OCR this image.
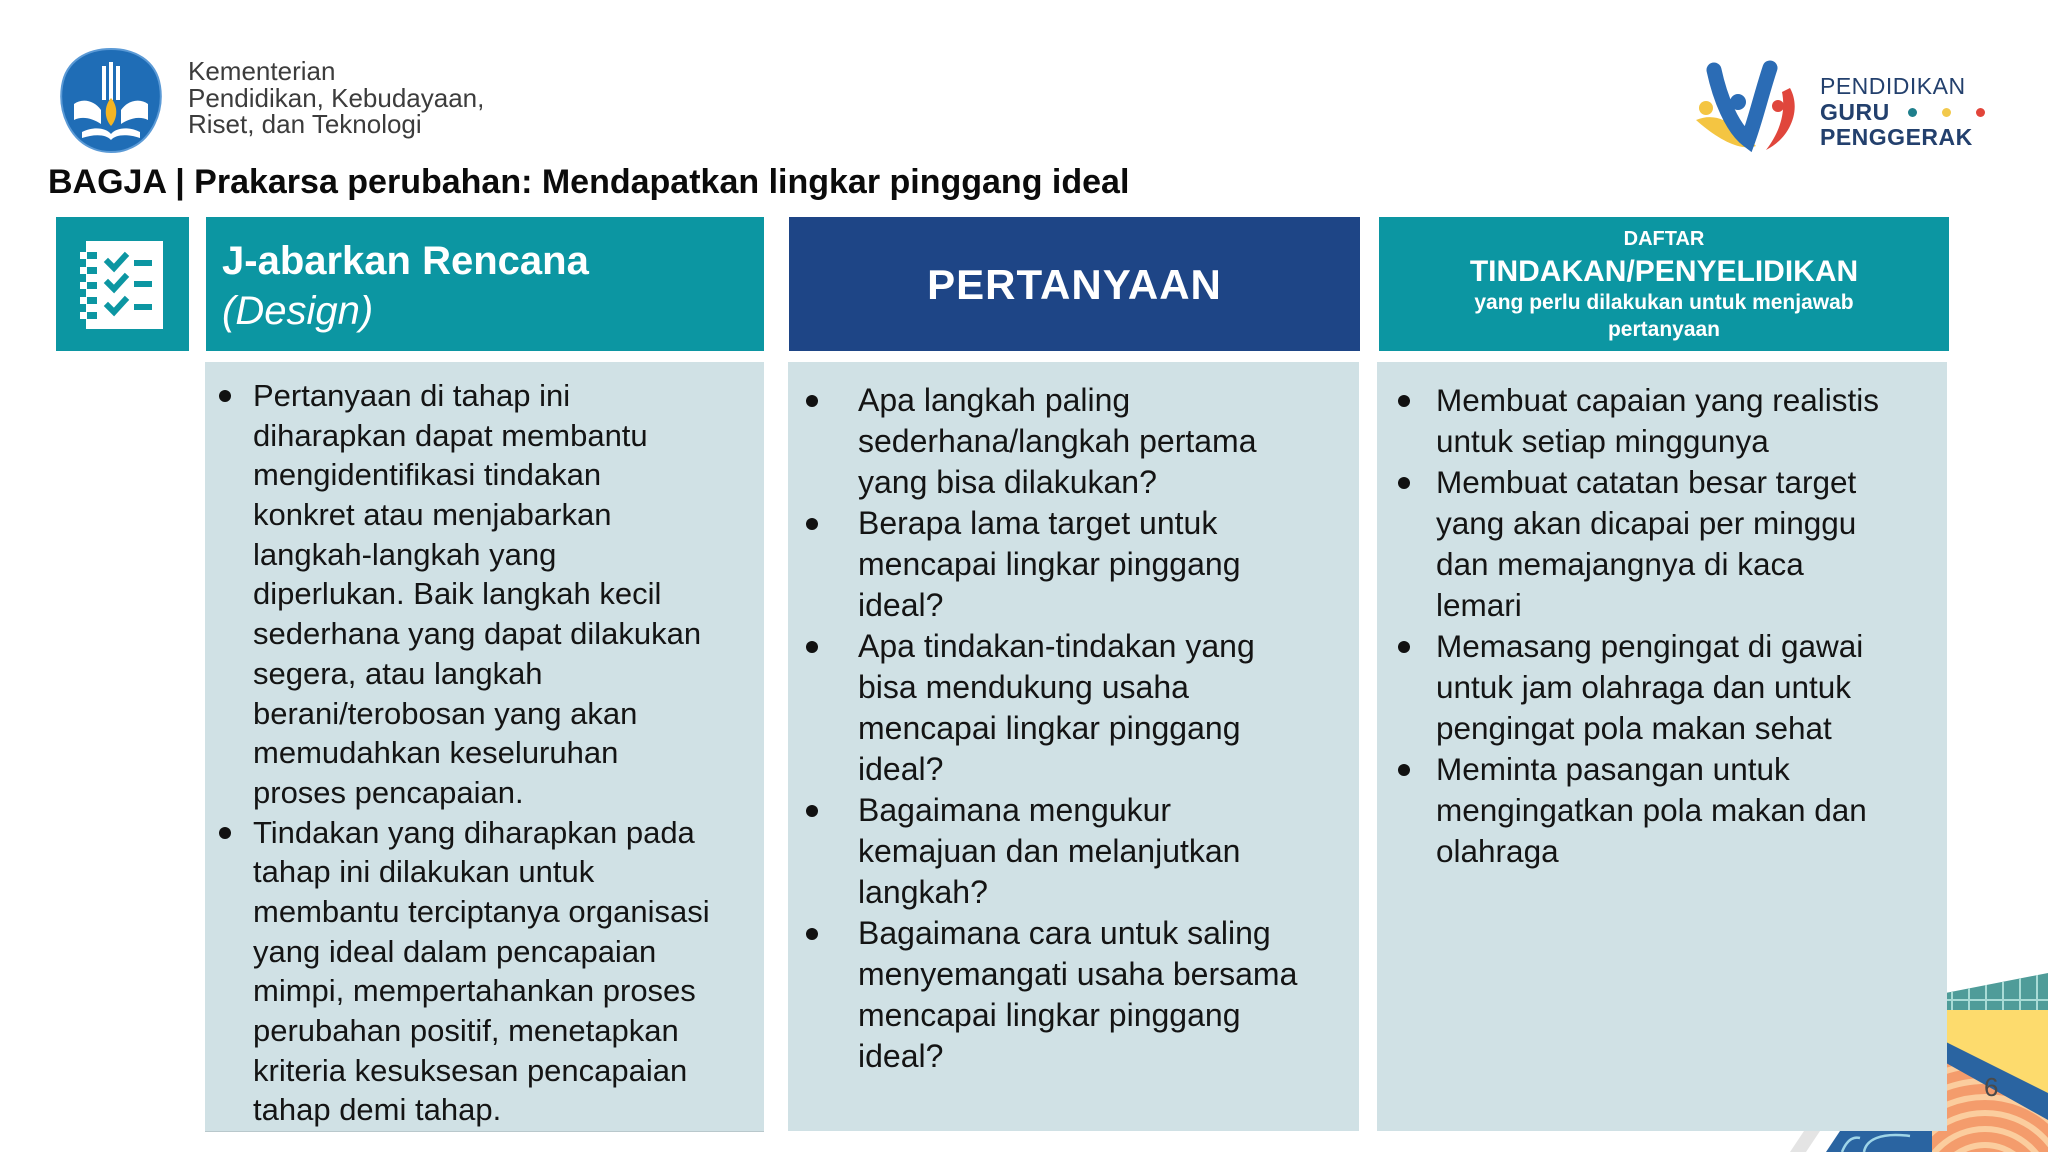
Kementerian
Pendidikan, Kebudayaan,
Riset, dan Teknologi
PENDIDIKAN
GURU
PENGGERAK
BAGJA | Prakarsa perubahan: Mendapatkan lingkar pinggang ideal
J-abarkan Rencana
(Design)
PERTANYAAN
DAFTAR
TINDAKAN/PENYELIDIKAN
yang perlu dilakukan untuk menjawab
pertanyaan
Pertanyaan di tahap ini
diharapkan dapat membantu
mengidentifikasi tindakan
konkret atau menjabarkan
langkah-langkah yang
diperlukan. Baik langkah kecil
sederhana yang dapat dilakukan
segera, atau langkah
berani/terobosan yang akan
memudahkan keseluruhan
proses pencapaian.
Tindakan yang diharapkan pada
tahap ini dilakukan untuk
membantu terciptanya organisasi
yang ideal dalam pencapaian
mimpi, mempertahankan proses
perubahan positif, menetapkan
kriteria kesuksesan pencapaian
tahap demi tahap.
Apa langkah paling
sederhana/langkah pertama
yang bisa dilakukan?
Berapa lama target untuk
mencapai lingkar pinggang
ideal?
Apa tindakan-tindakan yang
bisa mendukung usaha
mencapai lingkar pinggang
ideal?
Bagaimana mengukur
kemajuan dan melanjutkan
langkah?
Bagaimana cara untuk saling
menyemangati usaha bersama
mencapai lingkar pinggang
ideal?
Membuat capaian yang realistis
untuk setiap minggunya
Membuat catatan besar target
yang akan dicapai per minggu
dan memajangnya di kaca
lemari
Memasang pengingat di gawai
untuk jam olahraga dan untuk
pengingat pola makan sehat
Meminta pasangan untuk
mengingatkan pola makan dan
olahraga
6
